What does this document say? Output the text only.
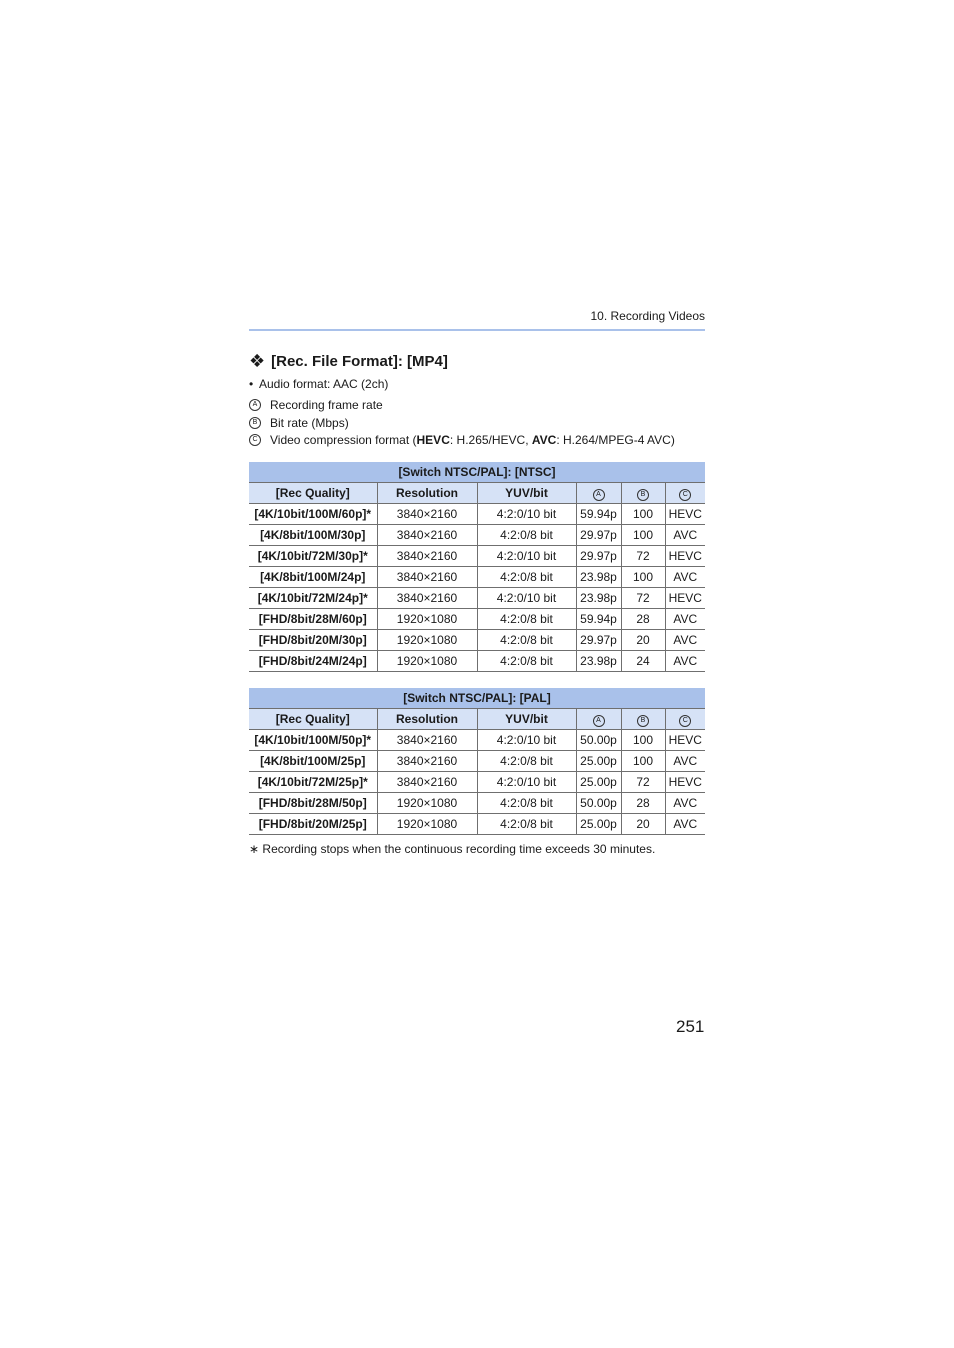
10. Recording Videos
❖ [Rec. File Format]: [MP4]
• Audio format: AAC (2ch)
A	Recording frame rate
B	Bit rate (Mbps)
C Video compression format (HEVC: H.265/HEVC, AVC: H.264/MPEG-4 AVC)
[Switch NTSC/PAL]: [NTSC]					
[Rec Quality]	Resolution	YUV/bit	A	B	C
[4K/10bit/100M/60p]*	3840×2160	4:2:0/10 bit	59.94p	100	HEVC
[4K/8bit/100M/30p]	3840×2160	4:2:0/8 bit	29.97p	100	AVC
[4K/10bit/72M/30p]*	3840×2160	4:2:0/10 bit	29.97p	72	HEVC
[4K/8bit/100M/24p]	3840×2160	4:2:0/8 bit	23.98p	100	AVC
[4K/10bit/72M/24p]*	3840×2160	4:2:0/10 bit	23.98p	72	HEVC
[FHD/8bit/28M/60p]	1920×1080	4:2:0/8 bit	59.94p	28	AVC
[FHD/8bit/20M/30p]	1920×1080	4:2:0/8 bit	29.97p	20	AVC
[FHD/8bit/24M/24p]	1920×1080	4:2:0/8 bit	23.98p	24	AVC
[Switch NTSC/PAL]: [PAL]					
[Rec Quality]	Resolution	YUV/bit	A	B	C
[4K/10bit/100M/50p]*	3840×2160	4:2:0/10 bit	50.00p	100	HEVC
[4K/8bit/100M/25p]	3840×2160	4:2:0/8 bit	25.00p	100	AVC
[4K/10bit/72M/25p]*	3840×2160	4:2:0/10 bit	25.00p	72	HEVC
[FHD/8bit/28M/50p]	1920×1080	4:2:0/8 bit	50.00p	28	AVC
[FHD/8bit/20M/25p]	1920×1080	4:2:0/8 bit	25.00p	20	AVC
∗ Recording stops when the continuous recording time exceeds 30 minutes.
251
